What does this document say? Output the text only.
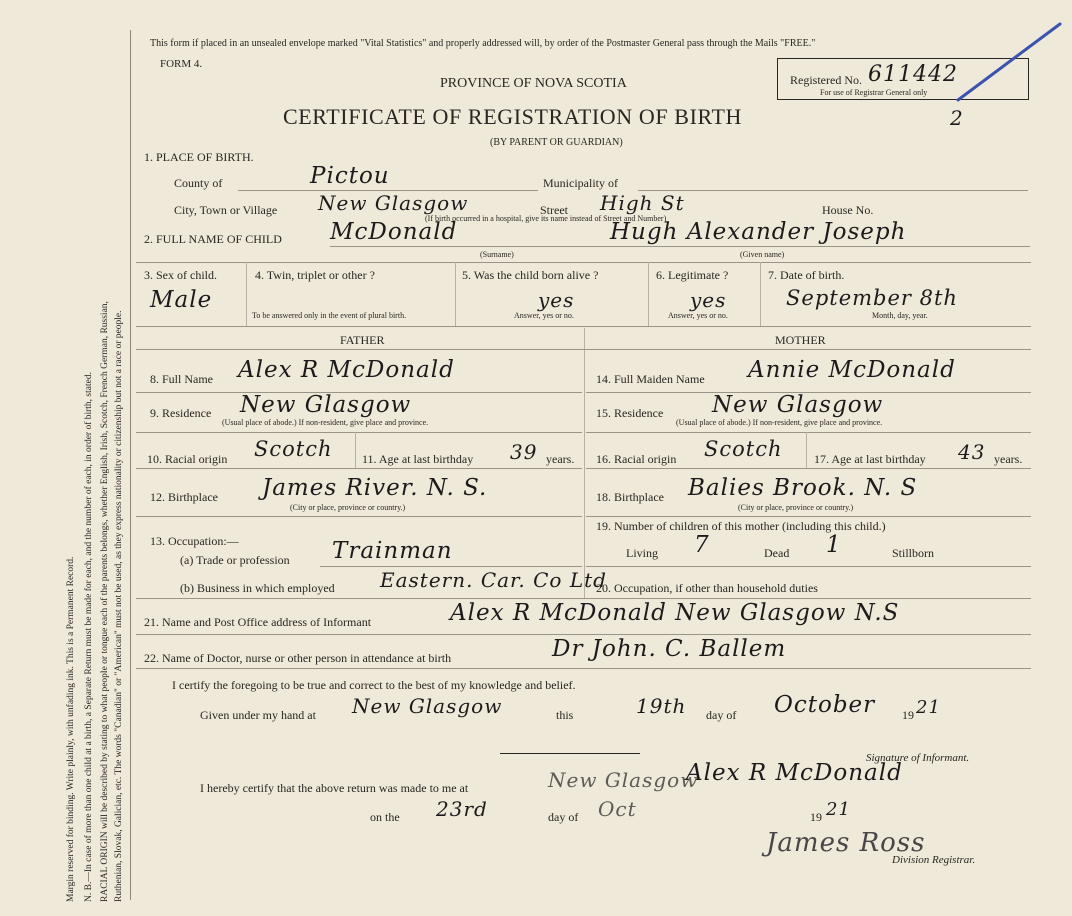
Margin reserved for binding. Write plainly, with unfading ink. This is a Permanent Record. N. B.—In case of more than one child at a birth, a Separate Return must be made for each, and the number of each, in order of birth, stated. RACIAL ORIGIN will be described by stating to what people or tongue each of the parents belongs, whether English, Irish, Scotch, French German, Russian, Ruthenian, Slovak, Galician, etc. The words "Canadian" or "American" must not be used, as they express nationality or citizenship but not a race or people.
This form if placed in an unsealed envelope marked "Vital Statistics" and properly addressed will, by order of the Postmaster General pass through the Mails "FREE."
FORM 4.
PROVINCE OF NOVA SCOTIA
CERTIFICATE OF REGISTRATION OF BIRTH
(BY PARENT OR GUARDIAN)
Registered No. 611442
For use of Registrar General only
2
1. PLACE OF BIRTH.
County of	Pictou	Municipality of
City, Town or Village New Glasgow	Street High St	House No.
(If birth occurred in a hospital, give its name instead of Street and Number)
2. FULL NAME OF CHILD McDonald	Hugh Alexander Joseph
(Surname)	(Given name)
3. Sex of child.
Male
4. Twin, triplet or other ?
To be answered only in the event of plural birth.
5. Was the child born alive ?
yes
Answer, yes or no.
6. Legitimate ?
yes
Answer, yes or no.
7. Date of birth.
September 8th
Month, day, year.
FATHER	MOTHER
8. Full Name Alex R McDonald
9. Residence New Glasgow
(Usual place of abode.) If non-resident, give place and province.
10. Racial origin Scotch 11. Age at last birthday 39 years.
12. Birthplace James River. N. S.
(City or place, province or country.)
13. Occupation:—
(a) Trade or profession Trainman
(b) Business in which employed Eastern. Car. Co Ltd
14. Full Maiden Name Annie McDonald
15. Residence New Glasgow
(Usual place of abode.) If non-resident, give place and province.
16. Racial origin Scotch	17. Age at last birthday 43 years.
18. Birthplace Balies Brook. N. S
(City or place, province or country.)
19. Number of children of this mother (including this child.)
Living 7	Dead 1	Stillborn
20. Occupation, if other than household duties
21. Name and Post Office address of Informant	Alex R McDonald New Glasgow N.S
22. Name of Doctor, nurse or other person in attendance at birth	Dr John. C. Ballem
I certify the foregoing to be true and correct to the best of my knowledge and belief.
Given under my hand at New Glasgow	this	19th day of October 19 21
Signature of Informant.
Alex R McDonald
I hereby certify that the above return was made to me at	New Glasgow
on the 23rd	day of Oct	19 21
James Ross
Division Registrar.
